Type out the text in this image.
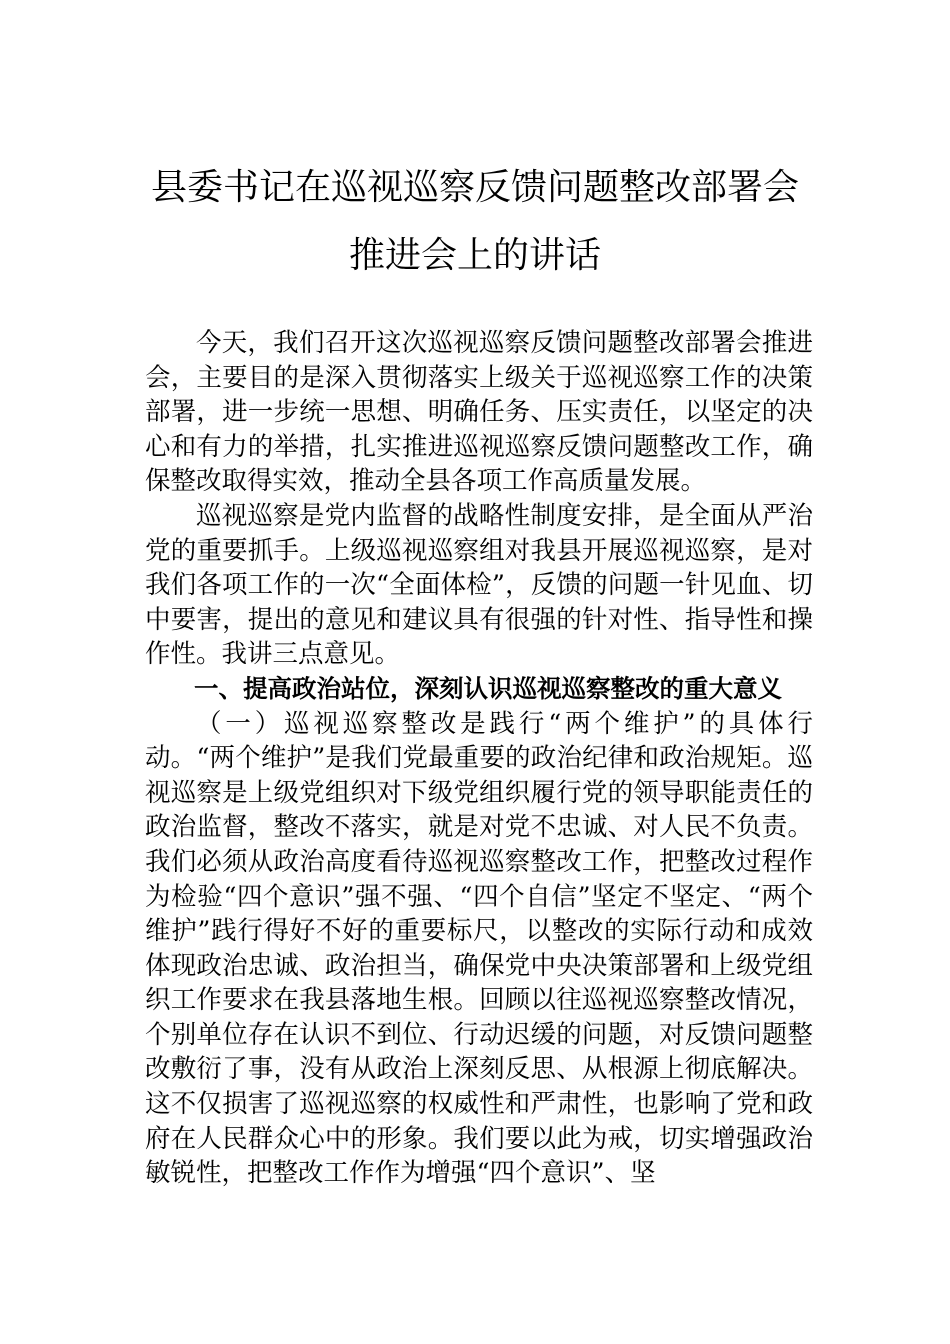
县委书记在巡视巡察反馈问题整改部署会
推进会上的讲话

今天，我们召开这次巡视巡察反馈问题整改部署会推进会，主要目的是深入贯彻落实上级关于巡视巡察工作的决策部署，进一步统一思想、明确任务、压实责任，以坚定的决心和有力的举措，扎实推进巡视巡察反馈问题整改工作，确保整改取得实效，推动全县各项工作高质量发展。

巡视巡察是党内监督的战略性制度安排，是全面从严治党的重要抓手。上级巡视巡察组对我县开展巡视巡察，是对我们各项工作的一次“全面体检”，反馈的问题一针见血、切中要害，提出的意见和建议具有很强的针对性、指导性和操作性。我讲三点意见。

一、提高政治站位，深刻认识巡视巡察整改的重大意义

（一）巡视巡察整改是践行“两个维护”的具体行动。“两个维护”是我们党最重要的政治纪律和政治规矩。巡视巡察是上级党组织对下级党组织履行党的领导职能责任的政治监督，整改不落实，就是对党不忠诚、对人民不负责。我们必须从政治高度看待巡视巡察整改工作，把整改过程作为检验“四个意识”强不强、“四个自信”坚定不坚定、“两个维护”践行得好不好的重要标尺，以整改的实际行动和成效体现政治忠诚、政治担当，确保党中央决策部署和上级党组织工作要求在我县落地生根。回顾以往巡视巡察整改情况，个别单位存在认识不到位、行动迟缓的问题，对反馈问题整改敷衍了事，没有从政治上深刻反思、从根源上彻底解决。这不仅损害了巡视巡察的权威性和严肃性，也影响了党和政府在人民群众心中的形象。我们要以此为戒，切实增强政治敏锐性，把整改工作作为增强“四个意识”、坚
